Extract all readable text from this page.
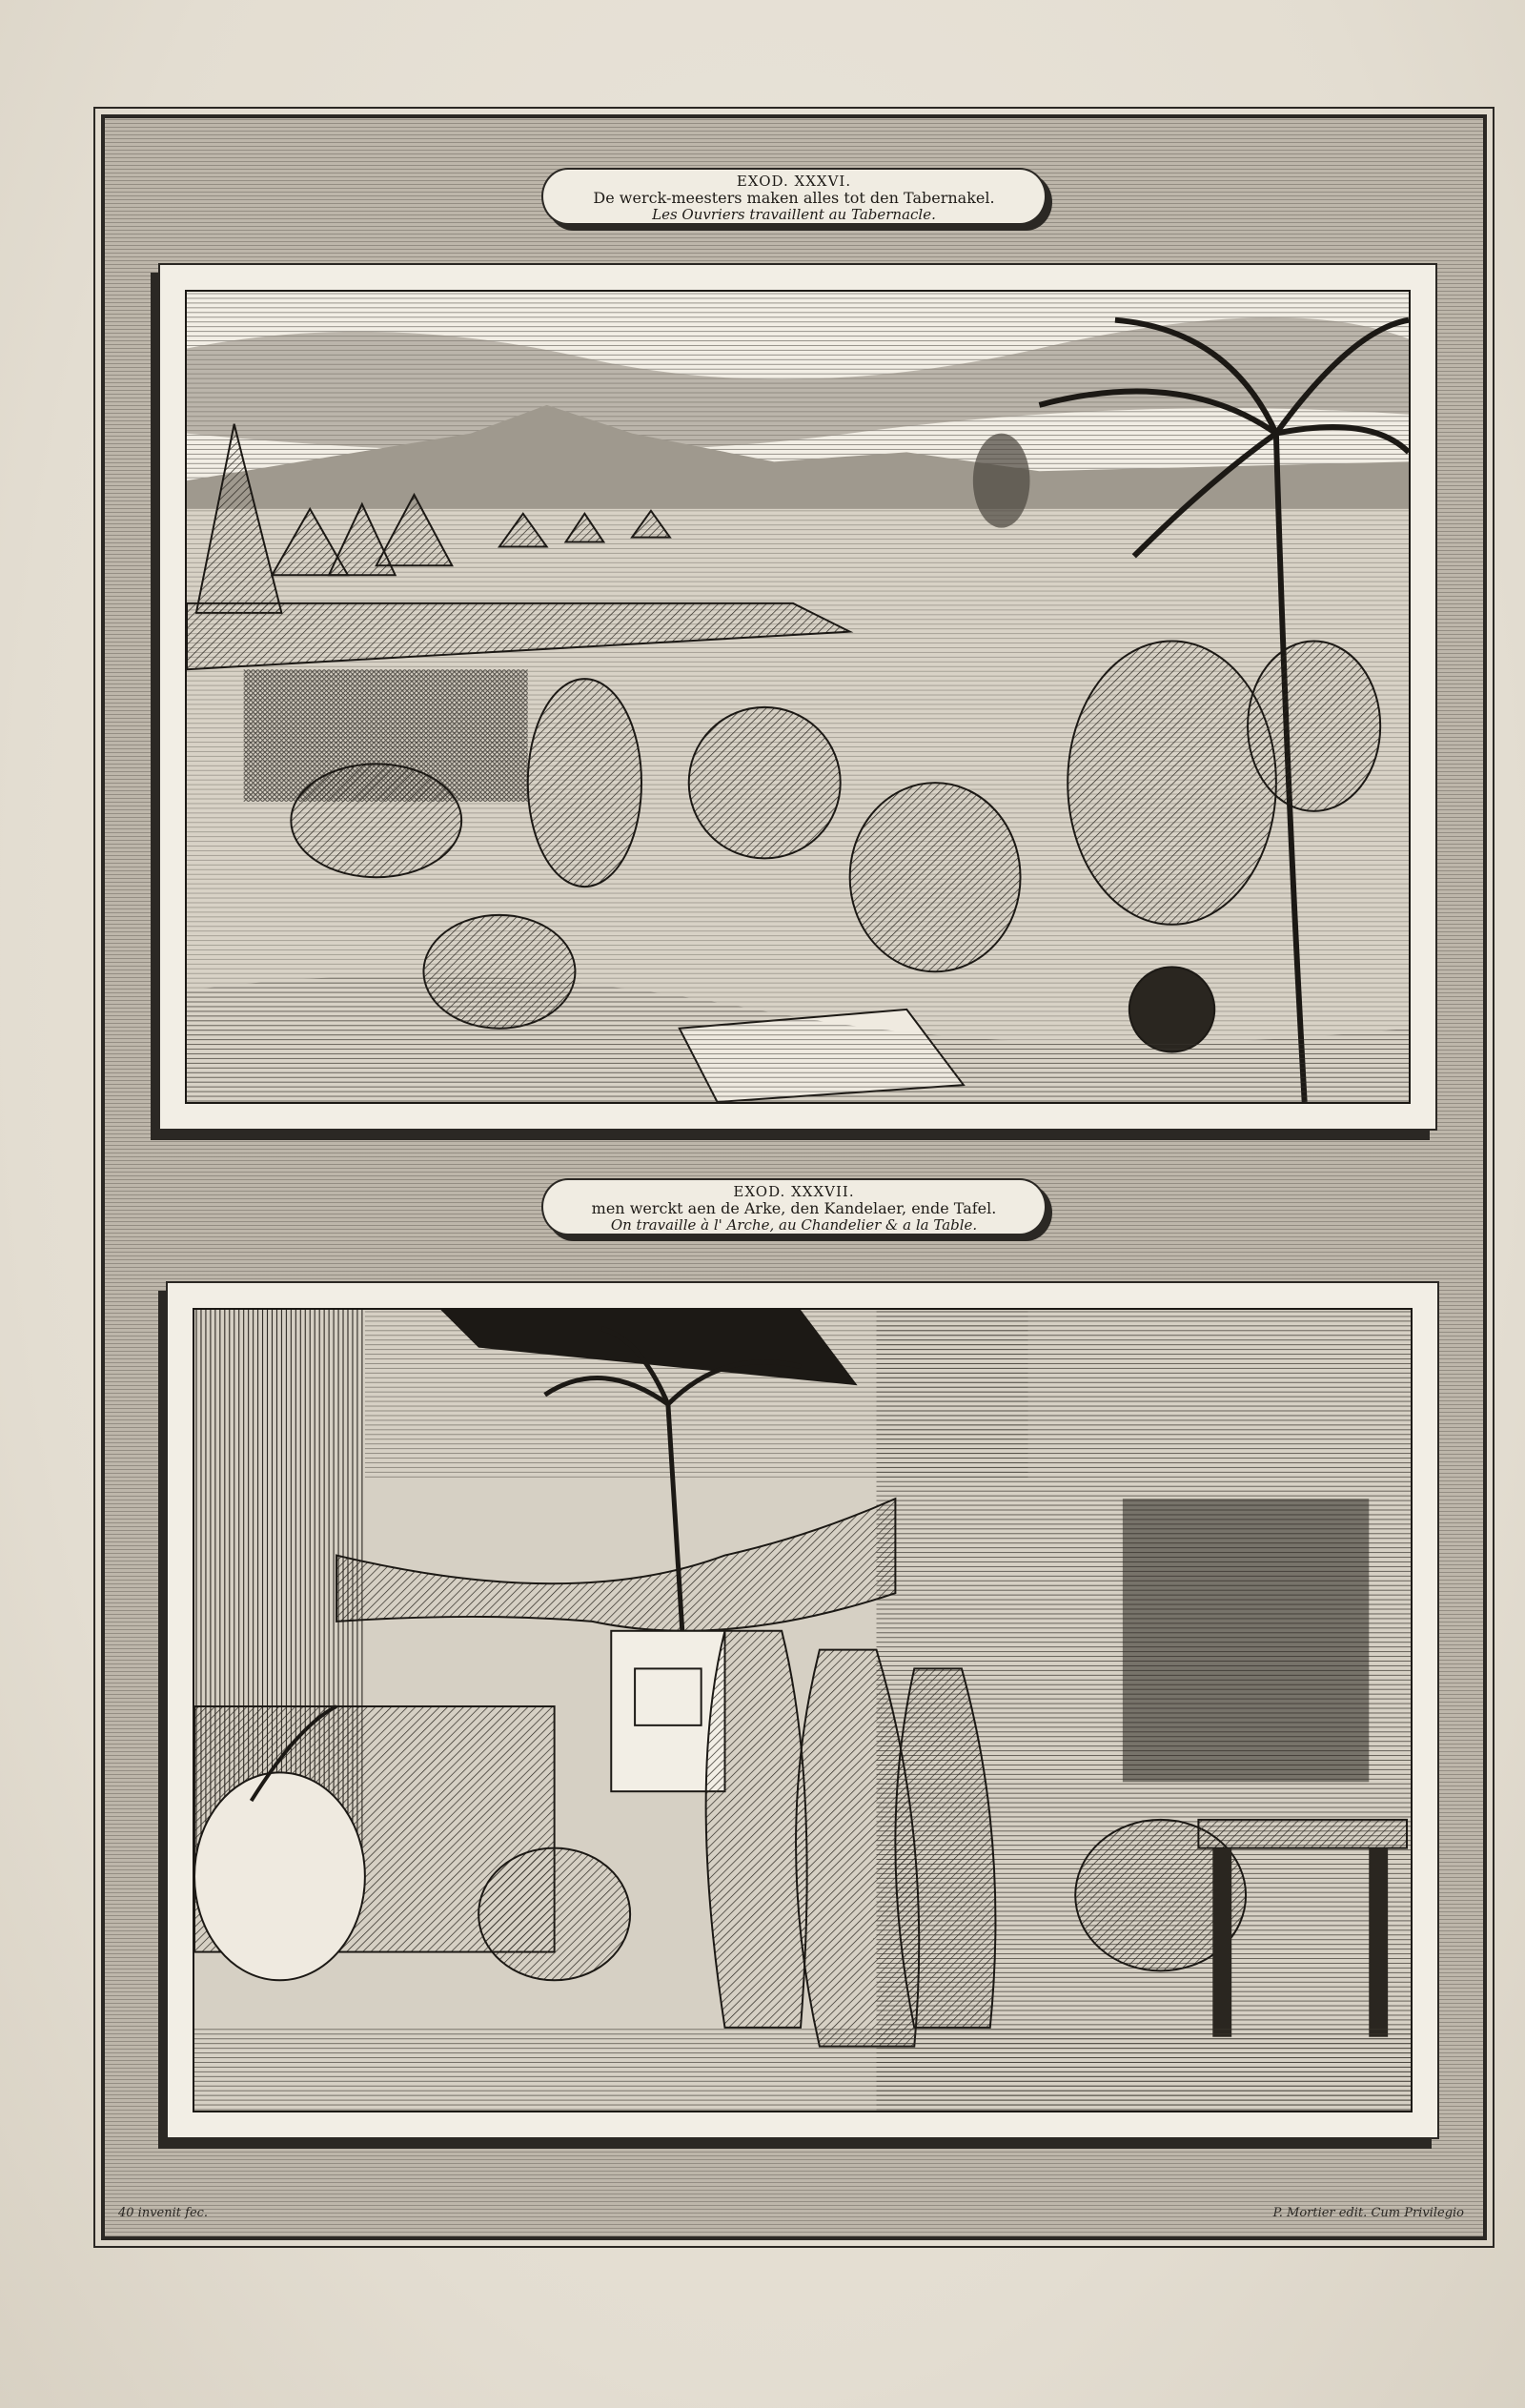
EXOD. XXXVI.
De werck-meesters maken alles tot den Tabernakel.
Les Ouvriers travaillent au Tabernacle.
EXOD. XXXVII.
men werckt aen de Arke, den Kandelaer, ende Tafel.
On travaille à l' Arche, au Chandelier & a la Table.
40 invenit fec.	P. Mortier edit. Cum Privilegio
